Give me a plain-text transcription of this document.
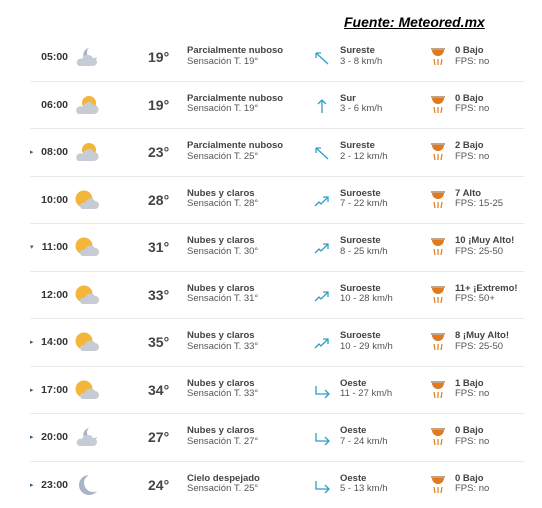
Fuente: Meteored.mx
05:00	19° Parcialmente nuboso
Sensación T. 19°
Sureste
3 - 8 km/h
0 Bajo
FPS: no
06:00	19° Parcialmente nuboso
Sensación T. 19°
Sur
3 - 6 km/h
0 Bajo
FPS: no
▸ 08:00	23° Parcialmente nuboso
Sensación T. 25°
Sureste
2 - 12 km/h
2 Bajo
FPS: no
10:00	28° Nubes y claros
Sensación T. 28°
Suroeste
7 - 22 km/h
7 Alto
FPS: 15-25
▾ 11:00	31° Nubes y claros
Sensación T. 30°
Suroeste
8 - 25 km/h
10 ¡Muy Alto!
FPS: 25-50
12:00	33° Nubes y claros
Sensación T. 31°
Suroeste
10 - 28 km/h
11+ ¡Extremo!
FPS: 50+
▸ 14:00	35° Nubes y claros
Sensación T. 33°
Suroeste
10 - 29 km/h
8 ¡Muy Alto!
FPS: 25-50
▸ 17:00	34° Nubes y claros
Sensación T. 33°
Oeste
11 - 27 km/h
1 Bajo
FPS: no
▸ 20:00	27° Nubes y claros
Sensación T. 27°
Oeste
7 - 24 km/h
0 Bajo
FPS: no
▸ 23:00	24° Cielo despejado
Sensación T. 25°
Oeste
5 - 13 km/h
0 Bajo
FPS: no
